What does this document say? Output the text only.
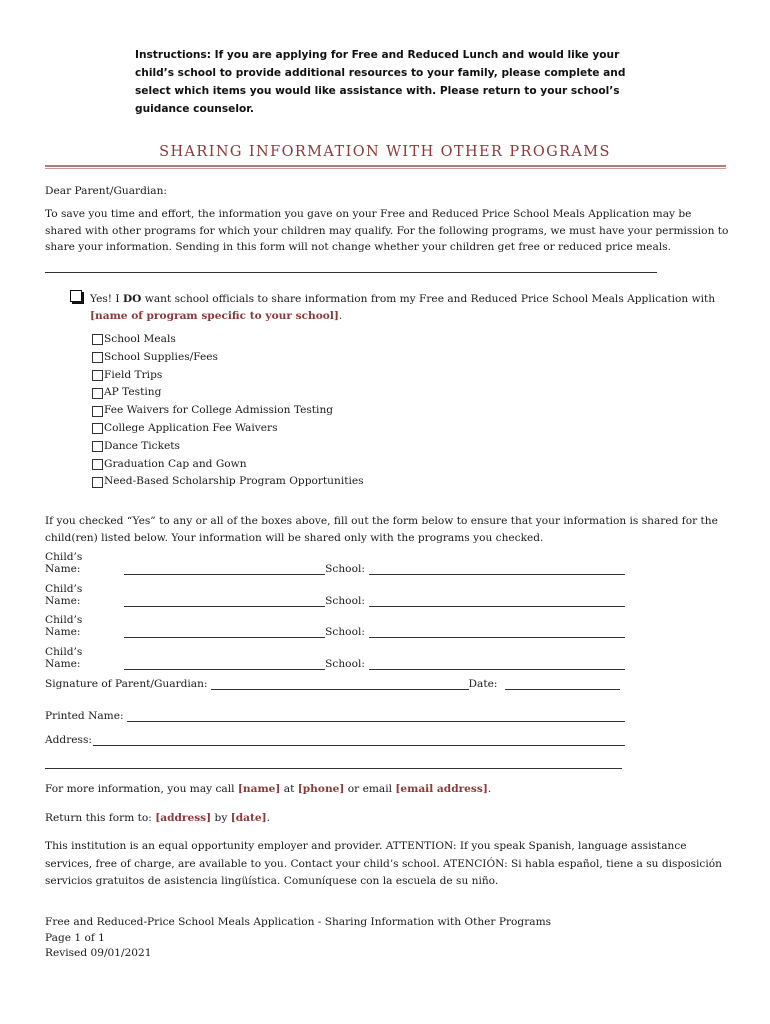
Instructions: If you are applying for Free and Reduced Lunch and would like your child’s school to provide additional resources to your family, please complete and select which items you would like assistance with. Please return to your school’s guidance counselor.
SHARING INFORMATION WITH OTHER PROGRAMS
Dear Parent/Guardian:
To save you time and effort, the information you gave on your Free and Reduced Price School Meals Application may be shared with other programs for which your children may qualify. For the following programs, we must have your permission to share your information. Sending in this form will not change whether your children get free or reduced price meals.
Yes! I DO want school officials to share information from my Free and Reduced Price School Meals Application with [name of program specific to your school].
School Meals
School Supplies/Fees
Field Trips
AP Testing
Fee Waivers for College Admission Testing
College Application Fee Waivers
Dance Tickets
Graduation Cap and Gown
Need-Based Scholarship Program Opportunities
If you checked “Yes” to any or all of the boxes above, fill out the form below to ensure that your information is shared for the child(ren) listed below. Your information will be shared only with the programs you checked.
Child’s Name:	School:
Child’s Name:	School:
Child’s Name:	School:
Child’s Name:	School:
Signature of Parent/Guardian:	Date:
Printed Name:
Address:
For more information, you may call [name] at [phone] or email [email address].
Return this form to: [address] by [date].
This institution is an equal opportunity employer and provider. ATTENTION: If you speak Spanish, language assistance services, free of charge, are available to you. Contact your child’s school. ATENCIÓN: Si habla español, tiene a su disposición servicios gratuitos de asistencia lingüística. Comuníquese con la escuela de su niño.
Free and Reduced-Price School Meals Application - Sharing Information with Other Programs
Page 1 of 1
Revised 09/01/2021
